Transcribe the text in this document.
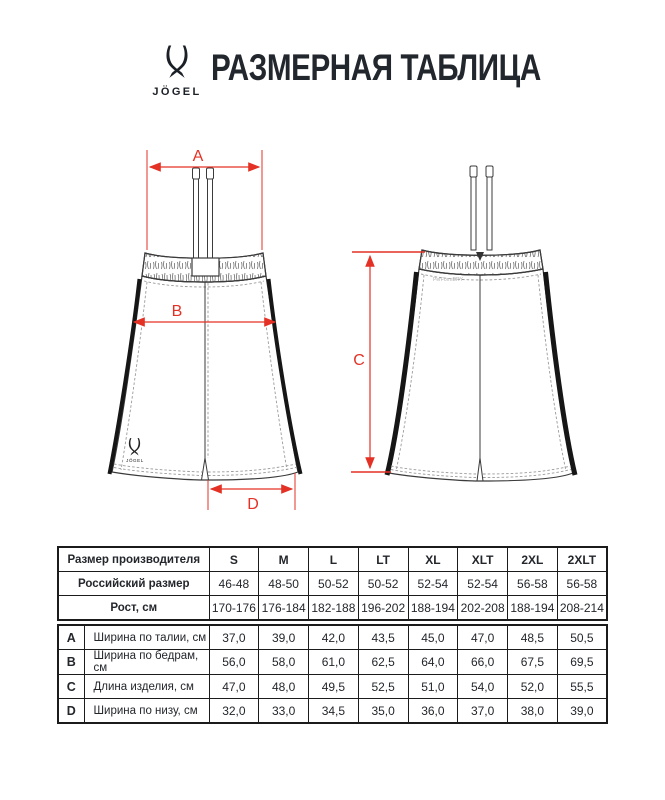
JÖGEL
РАЗМЕРНАЯ ТАБЛИЦА
JÖGEL
PerFormDRY
A
B
D
C
Размер производителя	S	M	L	LT	XL	XLT	2XL	2XLT
Российский размер	46-48	48-50	50-52	50-52	52-54	52-54	56-58	56-58
Рост, см	170-176	176-184	182-188	196-202	188-194	202-208	188-194	208-214
A	Ширина по талии, см	37,0	39,0	42,0	43,5	45,0	47,0	48,5	50,5
B	Ширина по бедрам, см	56,0	58,0	61,0	62,5	64,0	66,0	67,5	69,5
C	Длина изделия, см	47,0	48,0	49,5	52,5	51,0	54,0	52,0	55,5
D	Ширина по низу, см	32,0	33,0	34,5	35,0	36,0	37,0	38,0	39,0
